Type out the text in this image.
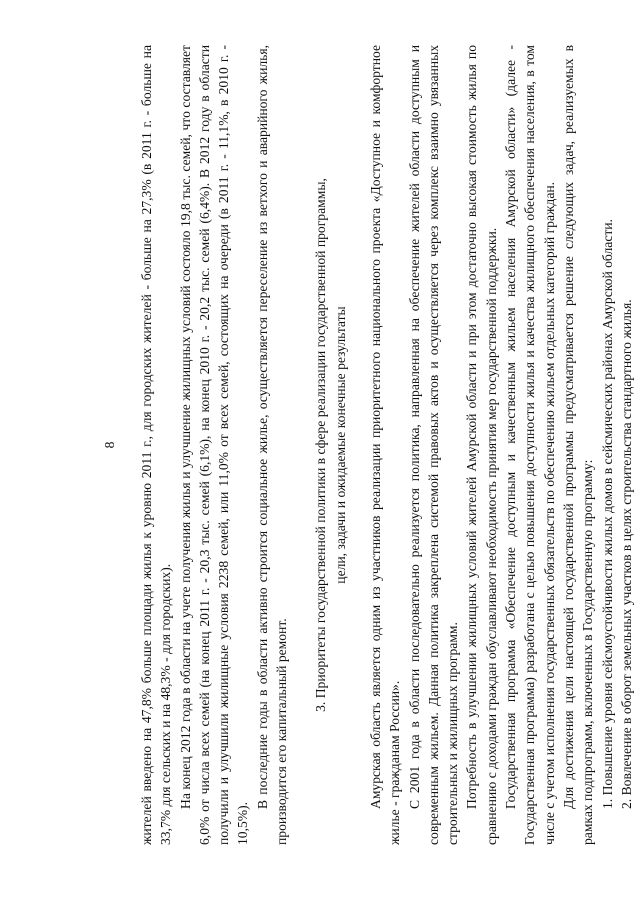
8 жителей введено на 47,8% больше площади жилья к уровню 2011 г., для городских жителей - больше на 27,3% (в 2011 г. - больше на 33,7% для сельских и на 48,3% - для городских). На конец 2012 года в области на учете получения жилья и улучшение жилищных условий состояло 19,8 тыс. семей, что составляет 6,0% от числа всех семей (на конец 2011 г. - 20,3 тыс. семей (6,1%), на конец 2010 г. - 20,2 тыс. семей (6,4%). В 2012 году в области получили и улучшили жилищные условия 2238 семей, или 11,0% от всех семей, состоящих на очереди (в 2011 г. - 11,1%, в 2010 г. - 10,5%).

В последние годы в области активно строится социальное жилье, осуществляется переселение из ветхого и аварийного жилья, производится его капитальный ремонт.

3. Приоритеты государственной политики в сфере реализации государственной программы, цели, задачи и ожидаемые конечные результаты Амурская область является одним из участников реализации приоритетного национального проекта «Доступное и комфортное жилье - гражданам России». С 2001 года в области последовательно реализуется политика, направленная на обеспечение жителей области доступным и современным жильем. Данная политика закреплена системой правовых актов и осуществляется через комплекс взаимно увязанных строительных и жилищных программ. Потребность в улучшении жилищных условий жителей Амурской области и при этом достаточно высокая стоимость жилья по сравнению с доходами граждан обуславливают необходимость принятия мер государственной поддержки. Государственная программа «Обеспечение доступным и качественным жильем населения Амурской области» (далее - Государственная программа) разработана с целью повышения доступности жилья и качества жилищного обеспечения населения, в том числе с учетом исполнения государственных обязательств по обеспечению жильем отдельных категорий граждан. Для достижения цели настоящей государственной программы предусматривается решение следующих задач, реализуемых в рамках подпрограмм, включенных в Государственную программу: 1. Повышение уровня сейсмоустойчивости жилых домов в сейсмических районах Амурской области. 2. Вовлечение в оборот земельных участков в целях строительства стандартного жилья.
